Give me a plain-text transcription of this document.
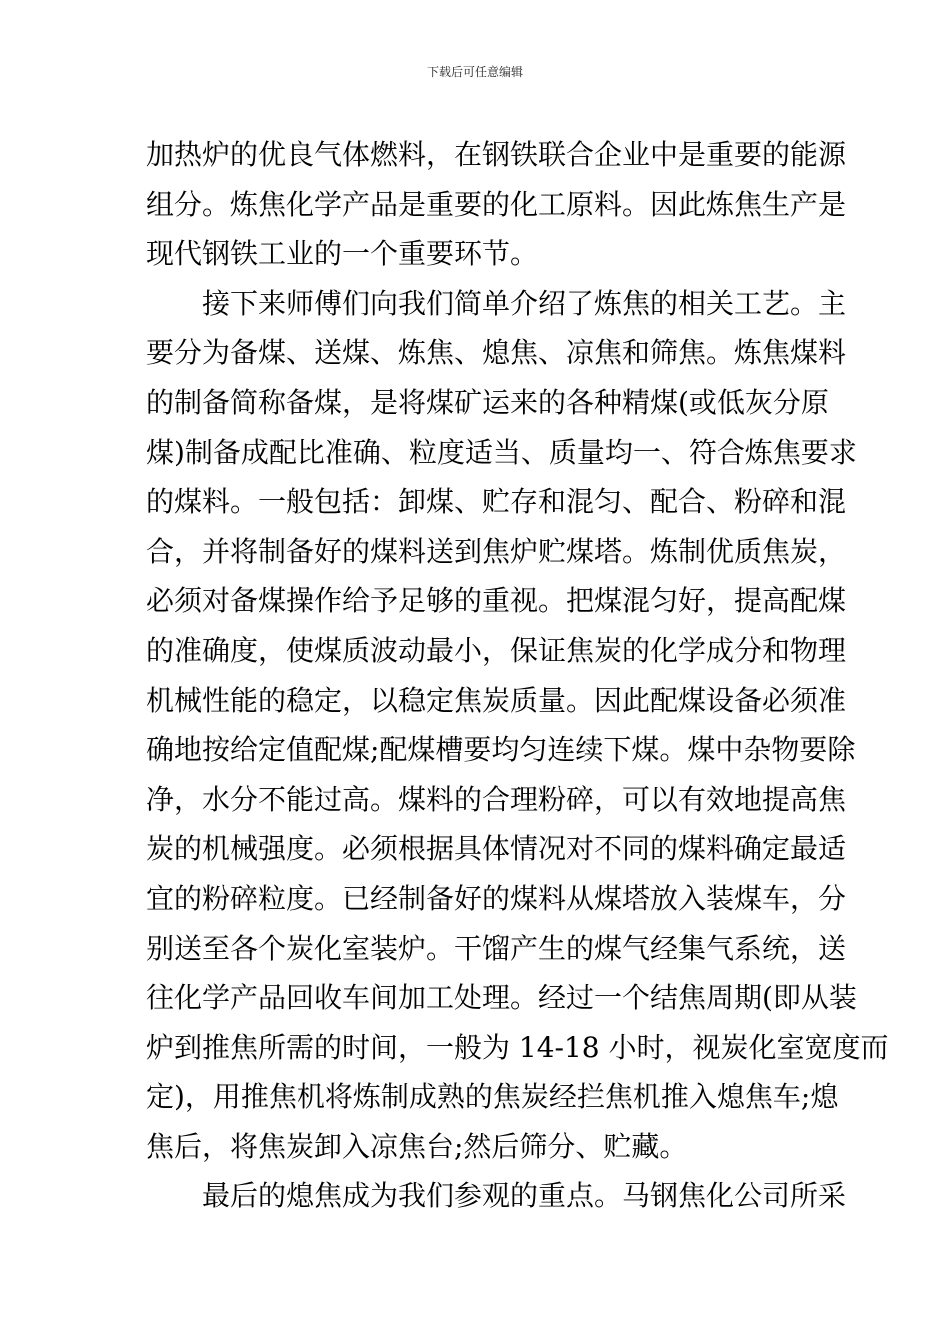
下载后可任意编辑
加热炉的优良气体燃料，在钢铁联合企业中是重要的能源
组分。炼焦化学产品是重要的化工原料。因此炼焦生产是
现代钢铁工业的一个重要环节。
接下来师傅们向我们简单介绍了炼焦的相关工艺。主
要分为备煤、送煤、炼焦、熄焦、凉焦和筛焦。炼焦煤料
的制备简称备煤，是将煤矿运来的各种精煤(或低灰分原
煤)制备成配比准确、粒度适当、质量均一、符合炼焦要求
的煤料。一般包括：卸煤、贮存和混匀、配合、粉碎和混
合，并将制备好的煤料送到焦炉贮煤塔。炼制优质焦炭，
必须对备煤操作给予足够的重视。把煤混匀好，提高配煤
的准确度，使煤质波动最小，保证焦炭的化学成分和物理
机械性能的稳定，以稳定焦炭质量。因此配煤设备必须准
确地按给定值配煤;配煤槽要均匀连续下煤。煤中杂物要除
净，水分不能过高。煤料的合理粉碎，可以有效地提高焦
炭的机械强度。必须根据具体情况对不同的煤料确定最适
宜的粉碎粒度。已经制备好的煤料从煤塔放入装煤车，分
别送至各个炭化室装炉。干馏产生的煤气经集气系统，送
往化学产品回收车间加工处理。经过一个结焦周期(即从装
炉到推焦所需的时间，一般为 14-18 小时，视炭化室宽度而
定)，用推焦机将炼制成熟的焦炭经拦焦机推入熄焦车;熄
焦后，将焦炭卸入凉焦台;然后筛分、贮藏。
最后的熄焦成为我们参观的重点。马钢焦化公司所采
